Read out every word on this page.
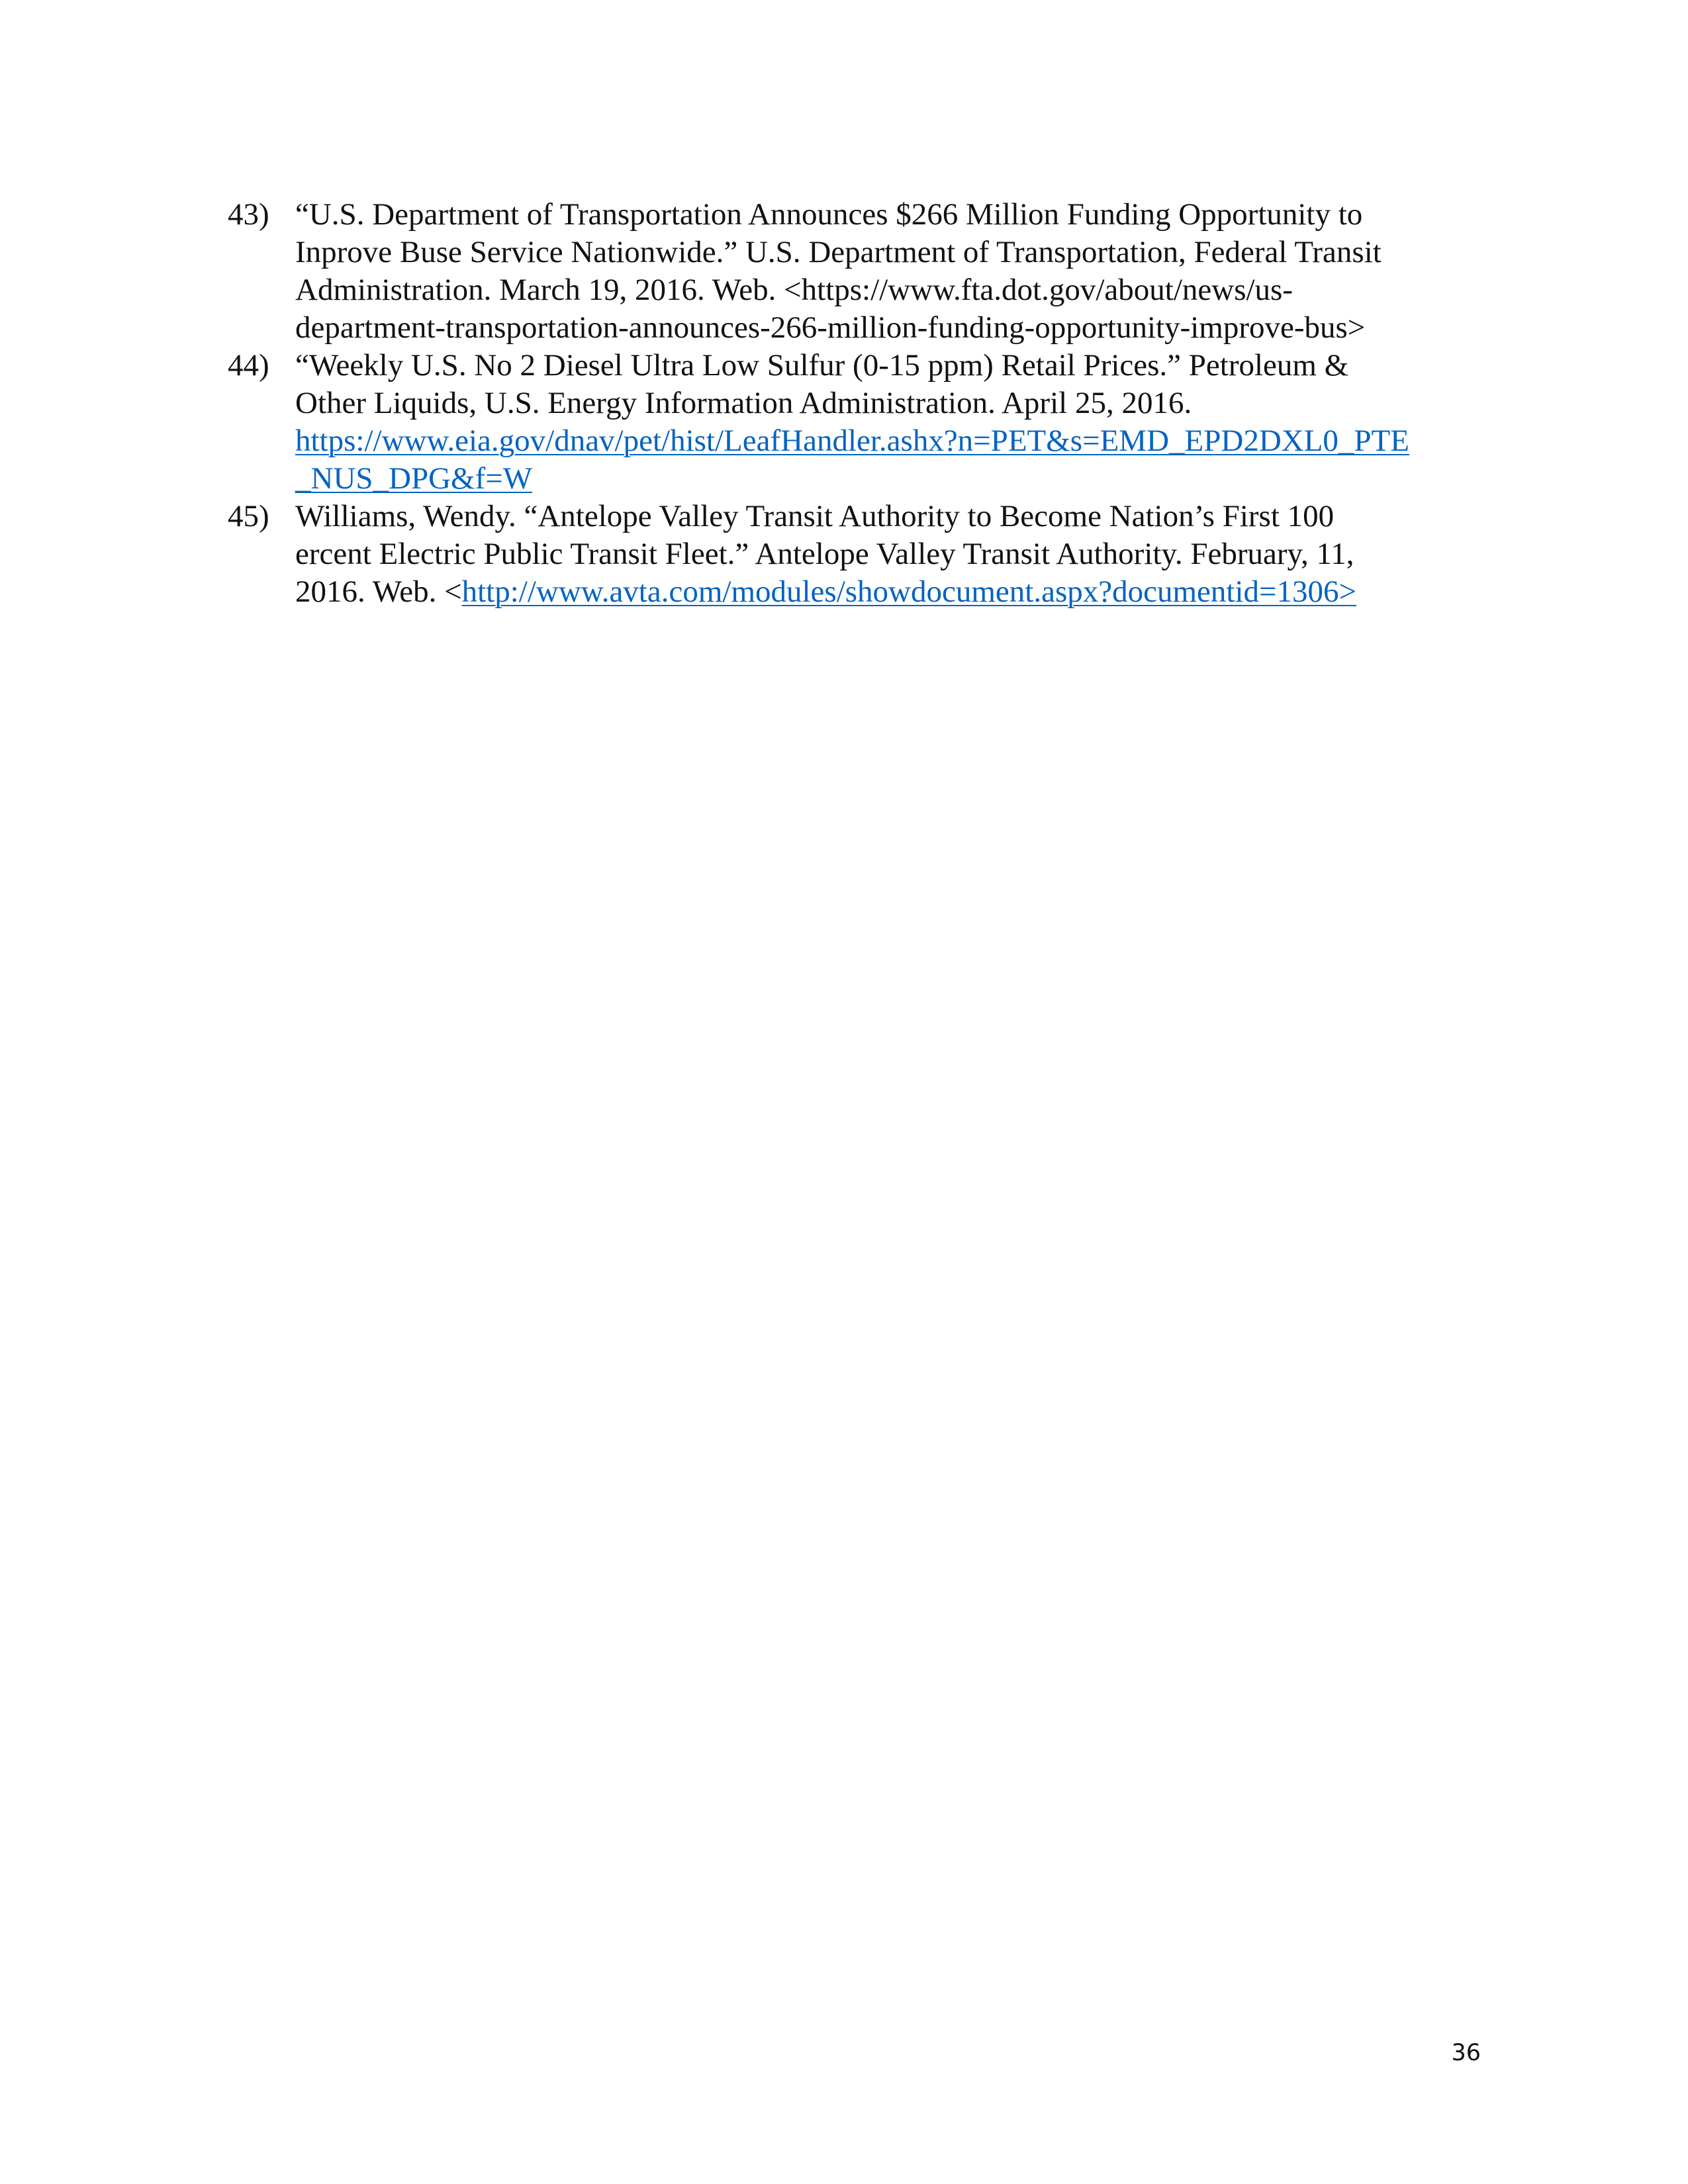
43) “U.S. Department of Transportation Announces $266 Million Funding Opportunity to
Inprove Buse Service Nationwide.” U.S. Department of Transportation, Federal Transit
Administration. March 19, 2016. Web. <https://www.fta.dot.gov/about/news/us-
department-transportation-announces-266-million-funding-opportunity-improve-bus>
44) “Weekly U.S. No 2 Diesel Ultra Low Sulfur (0-15 ppm) Retail Prices.” Petroleum &
Other Liquids, U.S. Energy Information Administration. April 25, 2016.
https://www.eia.gov/dnav/pet/hist/LeafHandler.ashx?n=PET&s=EMD_EPD2DXL0_PTE
_NUS_DPG&f=W
45) Williams, Wendy. “Antelope Valley Transit Authority to Become Nation’s First 100
ercent Electric Public Transit Fleet.” Antelope Valley Transit Authority. February, 11,
2016. Web. <http://www.avta.com/modules/showdocument.aspx?documentid=1306>
36
